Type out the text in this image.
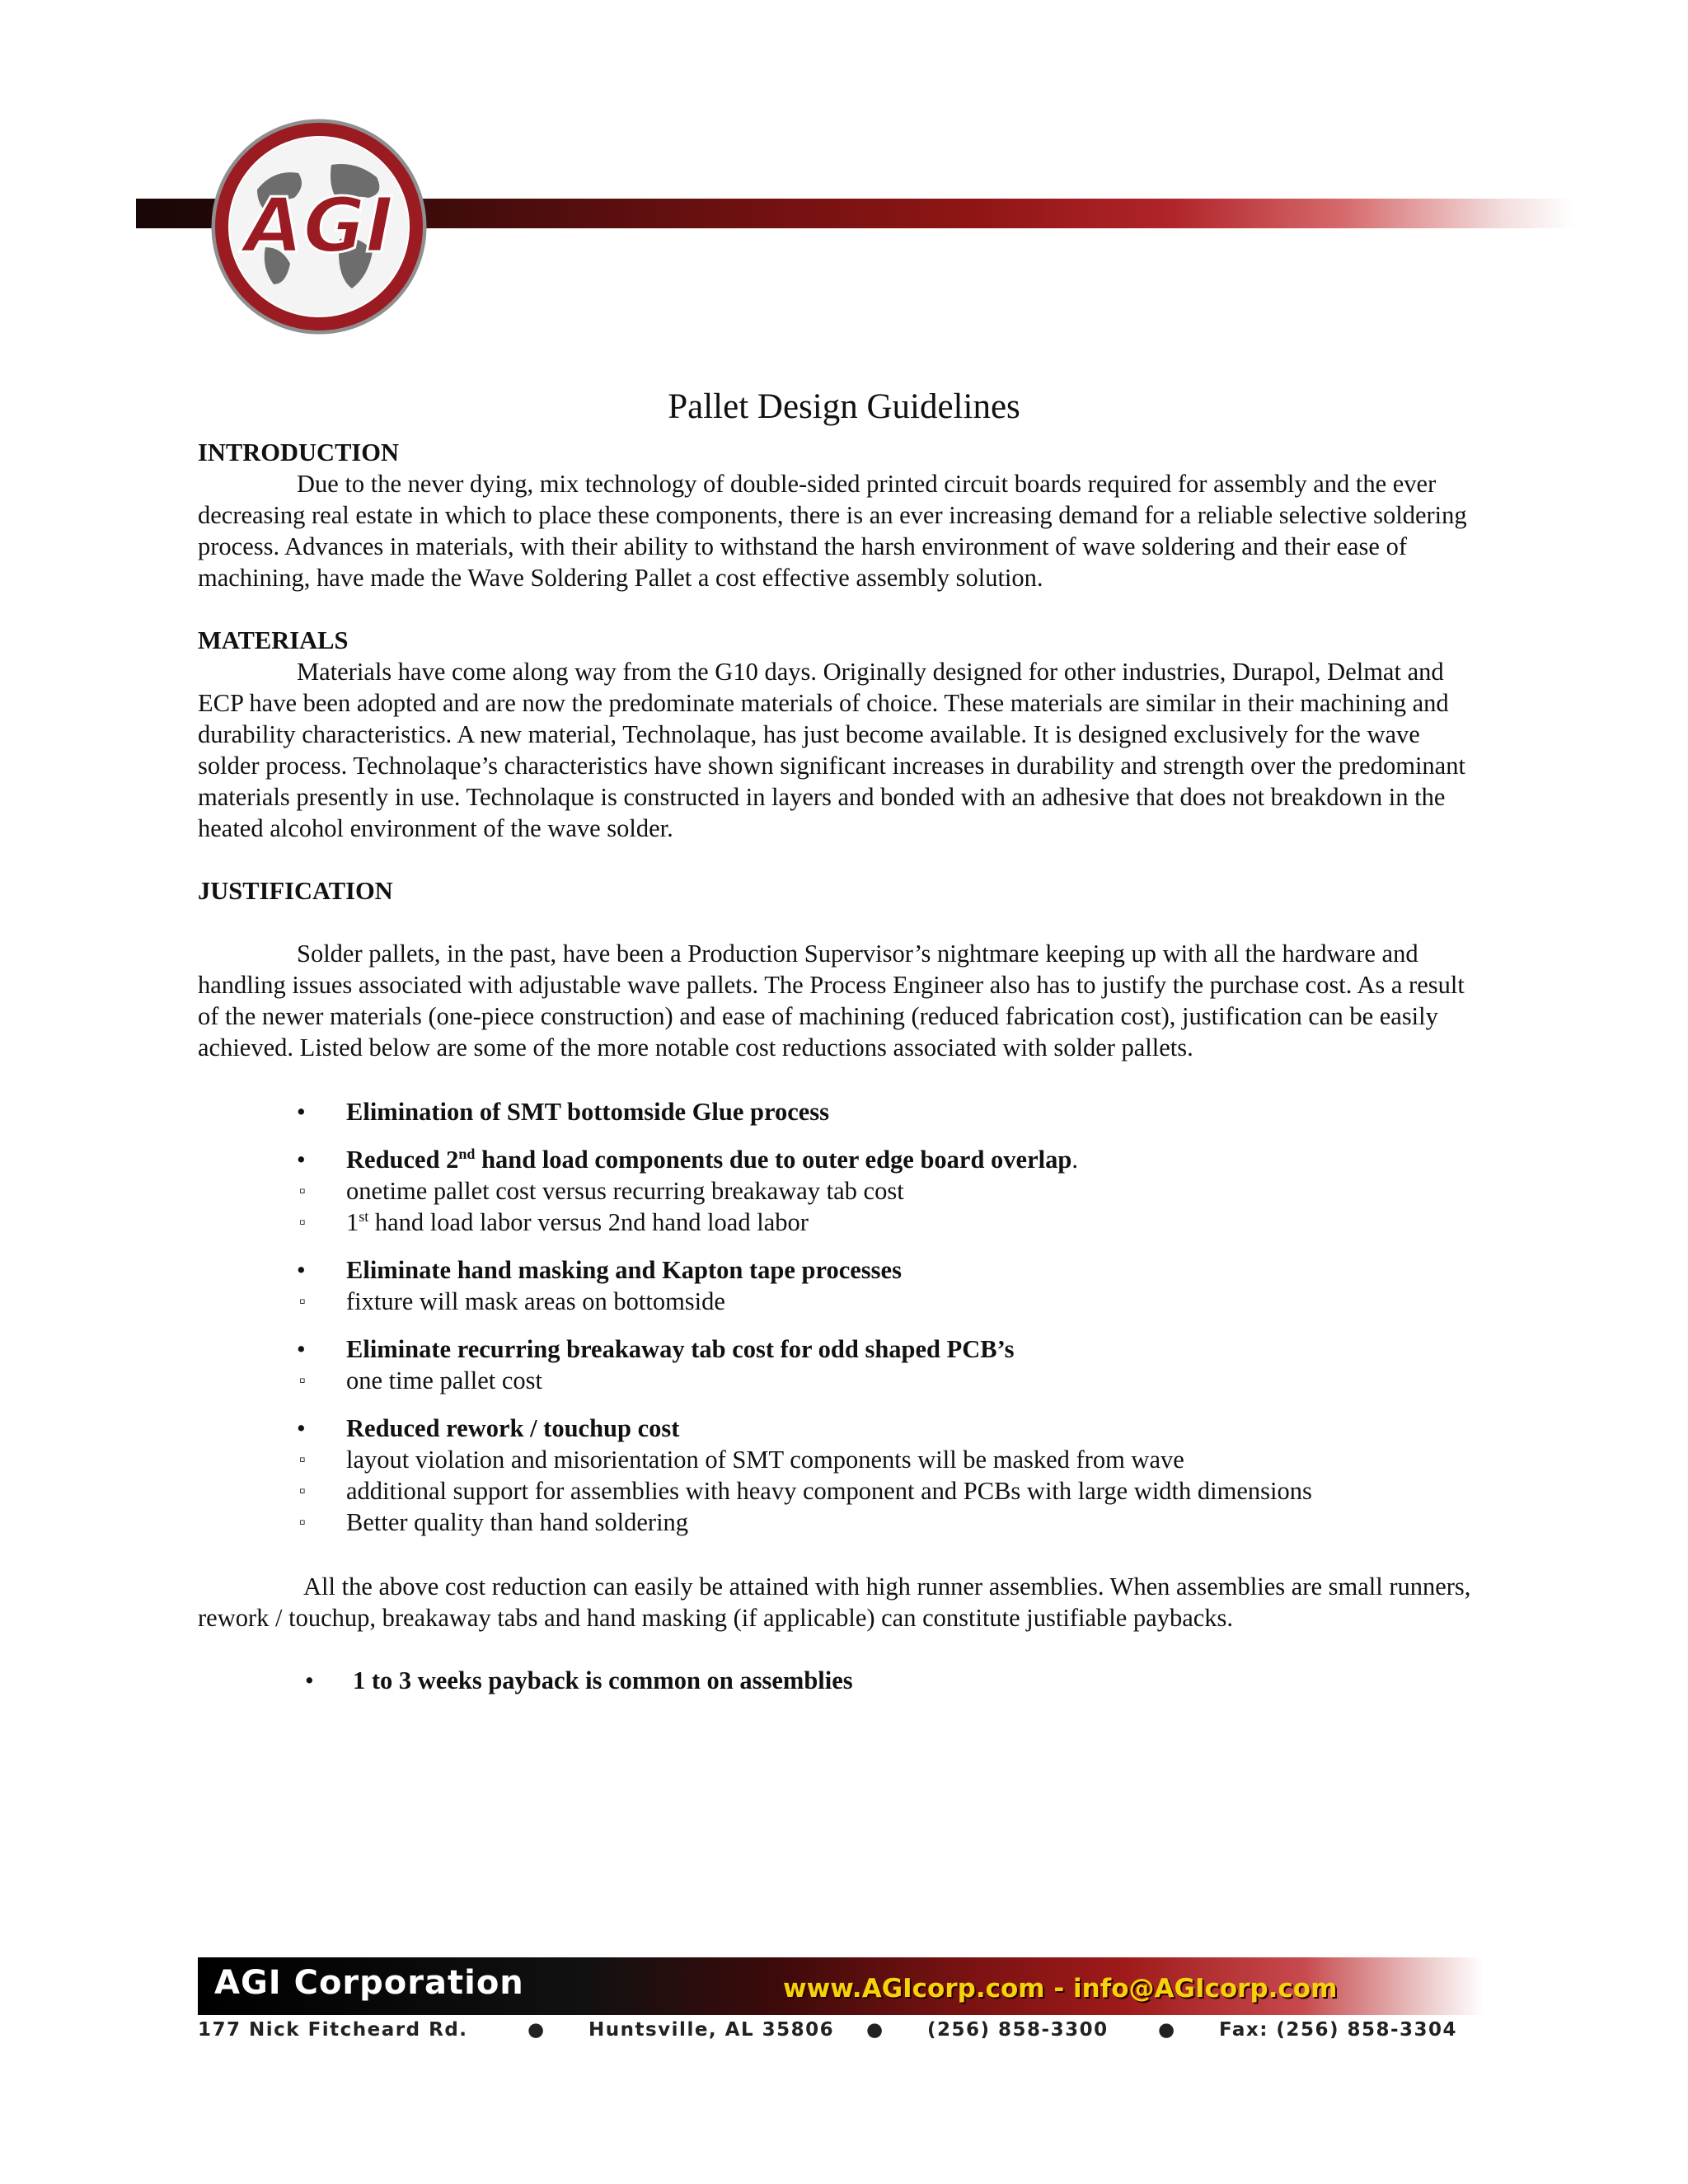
AGI
Pallet Design Guidelines

INTRODUCTION

Due to the never dying, mix technology of double-sided printed circuit boards required for assembly and the ever decreasing real estate in which to place these components, there is an ever increasing demand for a reliable selective soldering process. Advances in materials, with their ability to withstand the harsh environment of wave soldering and their ease of machining, have made the Wave Soldering Pallet a cost effective assembly solution.

MATERIALS

Materials have come along way from the G10 days. Originally designed for other industries, Durapol, Delmat and ECP have been adopted and are now the predominate materials of choice. These materials are similar in their machining and durability characteristics. A new material, Technolaque, has just become available. It is designed exclusively for the wave solder process. Technolaque’s characteristics have shown significant increases in durability and strength over the predominant materials presently in use. Technolaque is constructed in layers and bonded with an adhesive that does not breakdown in the heated alcohol environment of the wave solder.

JUSTIFICATION

Solder pallets, in the past, have been a Production Supervisor’s nightmare keeping up with all the hardware and handling issues associated with adjustable wave pallets. The Process Engineer also has to justify the purchase cost. As a result of the newer materials (one-piece construction) and ease of machining (reduced fabrication cost), justification can be easily achieved. Listed below are some of the more notable cost reductions associated with solder pallets.

• Elimination of SMT bottomside Glue process
• Reduced 2nd hand load components due to outer edge board overlap.
▫ onetime pallet cost versus recurring breakaway tab cost
▫ 1st hand load labor versus 2nd hand load labor
• Eliminate hand masking and Kapton tape processes
▫ fixture will mask areas on bottomside
• Eliminate recurring breakaway tab cost for odd shaped PCB’s
▫ one time pallet cost
• Reduced rework / touchup cost
▫ layout violation and misorientation of SMT components will be masked from wave
▫ additional support for assemblies with heavy component and PCBs with large width dimensions
▫ Better quality than hand soldering

All the above cost reduction can easily be attained with high runner assemblies. When assemblies are small runners, rework / touchup, breakaway tabs and hand masking (if applicable) can constitute justifiable paybacks.

• 1 to 3 weeks payback is common on assemblies
AGI Corporation	www.AGIcorp.com - info@AGIcorp.com
177 Nick Fitcheard Rd.	● Huntsville, AL 35806 ● (256) 858-3300	● Fax: (256) 858-3304
